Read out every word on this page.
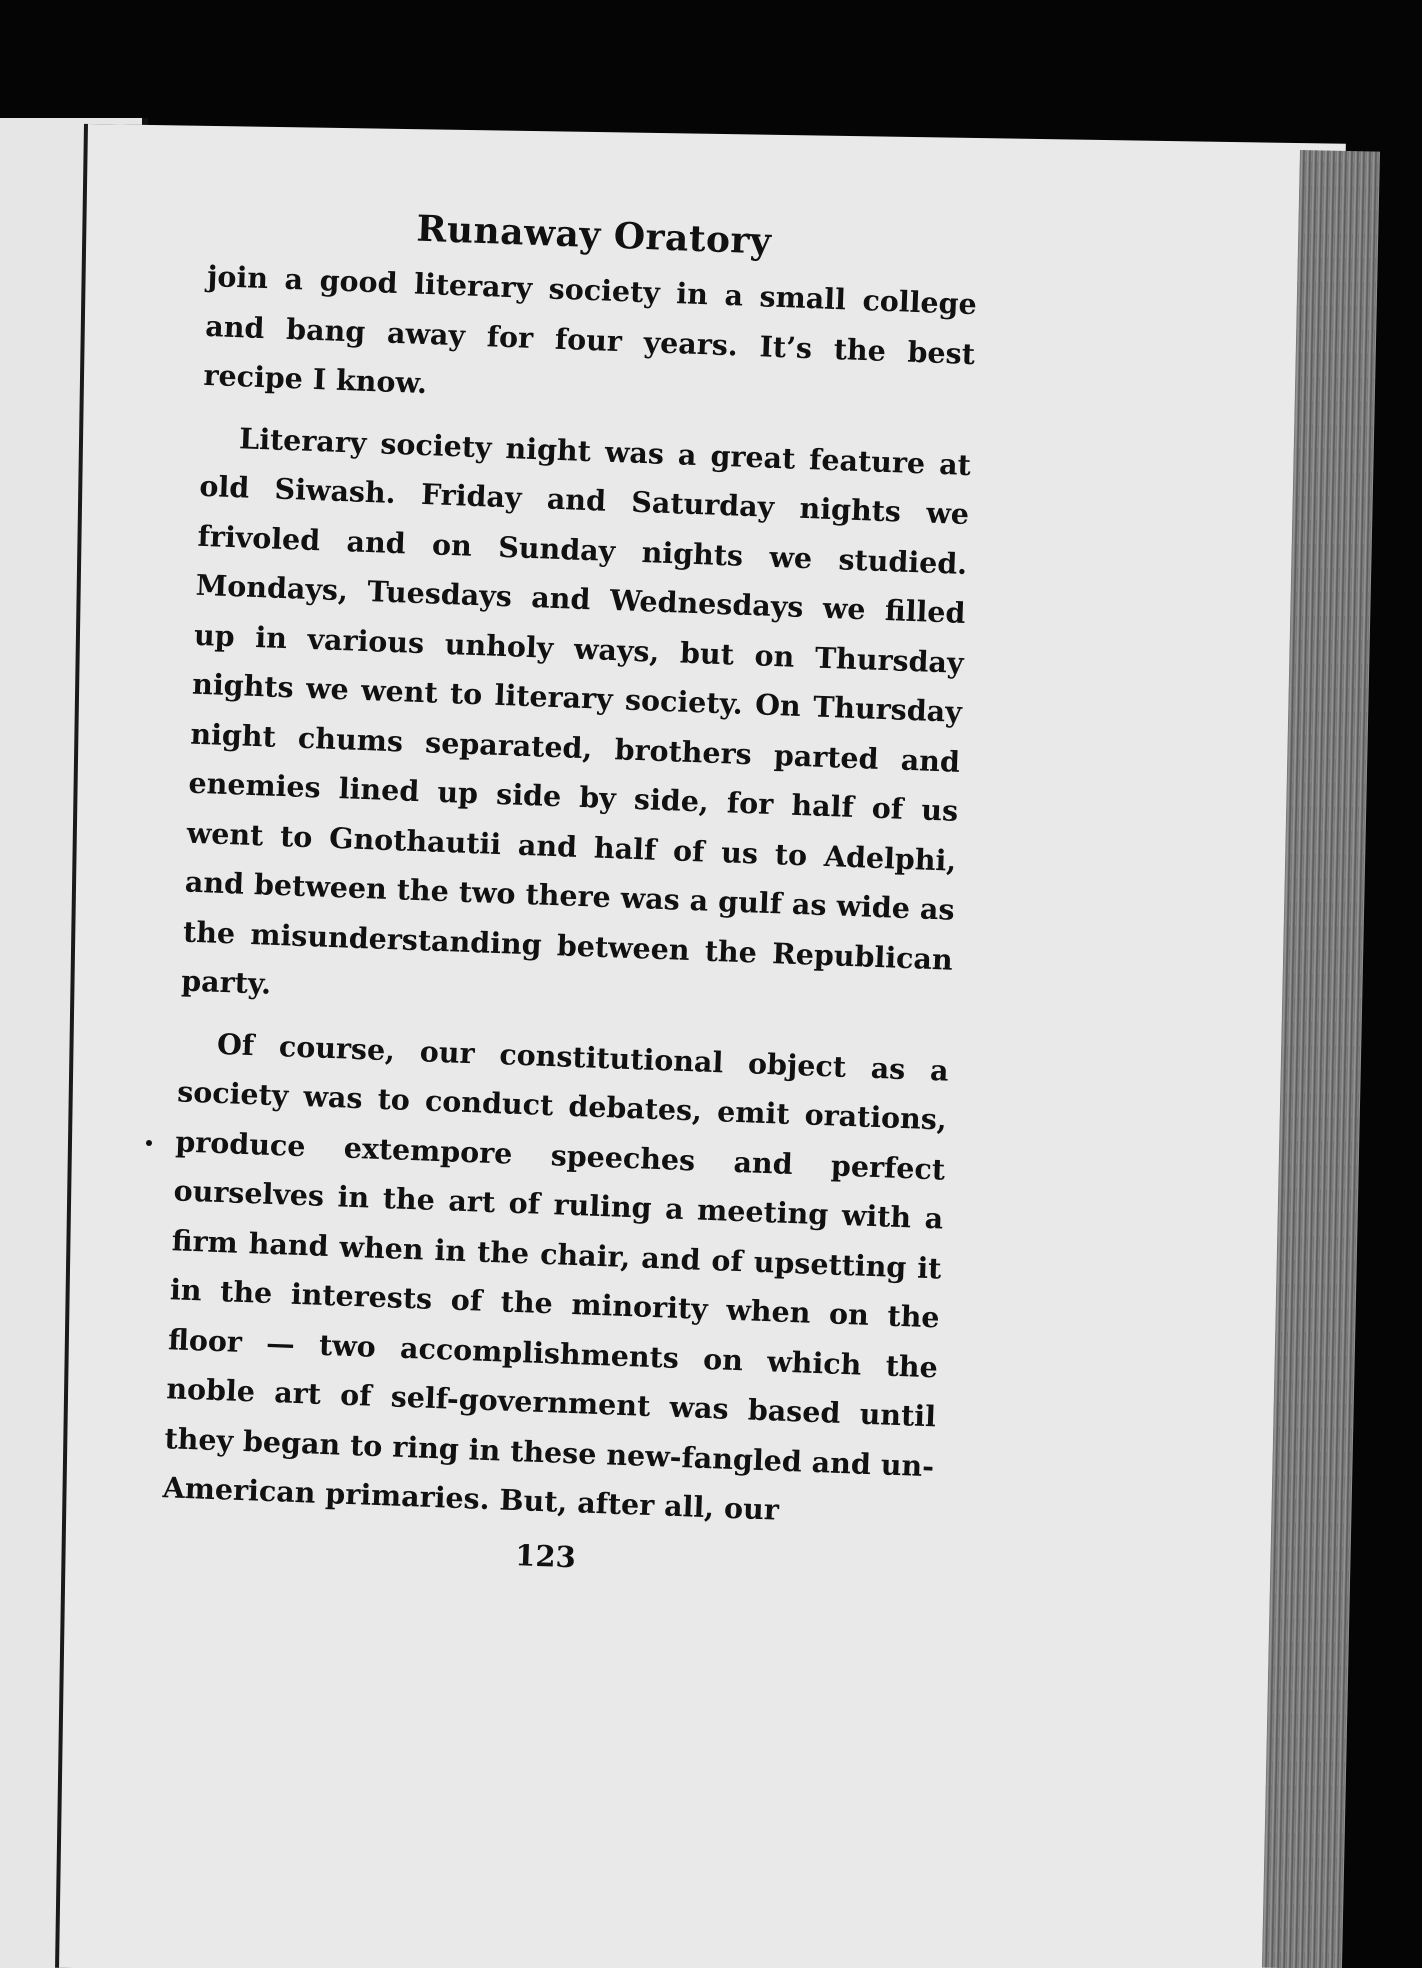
Runaway Oratory

join a good literary society in a small college and bang away for four years. It’s the best recipe I know.

Literary society night was a great feature at old Siwash. Friday and Saturday nights we frivoled and on Sunday nights we studied. Mondays, Tuesdays and Wednesdays we filled up in various unholy ways, but on Thursday nights we went to literary society. On Thursday night chums separated, brothers parted and enemies lined up side by side, for half of us went to Gnothautii and half of us to Adelphi, and between the two there was a gulf as wide as the misunderstanding between the Republican party.

Of course, our constitutional object as a society was to conduct debates, emit orations, produce extempore speeches and perfect ourselves in the art of ruling a meeting with a firm hand when in the chair, and of upsetting it in the interests of the minority when on the floor — two accomplishments on which the noble art of self-government was based until they began to ring in these new-fangled and un-American primaries. But, after all, our

123
